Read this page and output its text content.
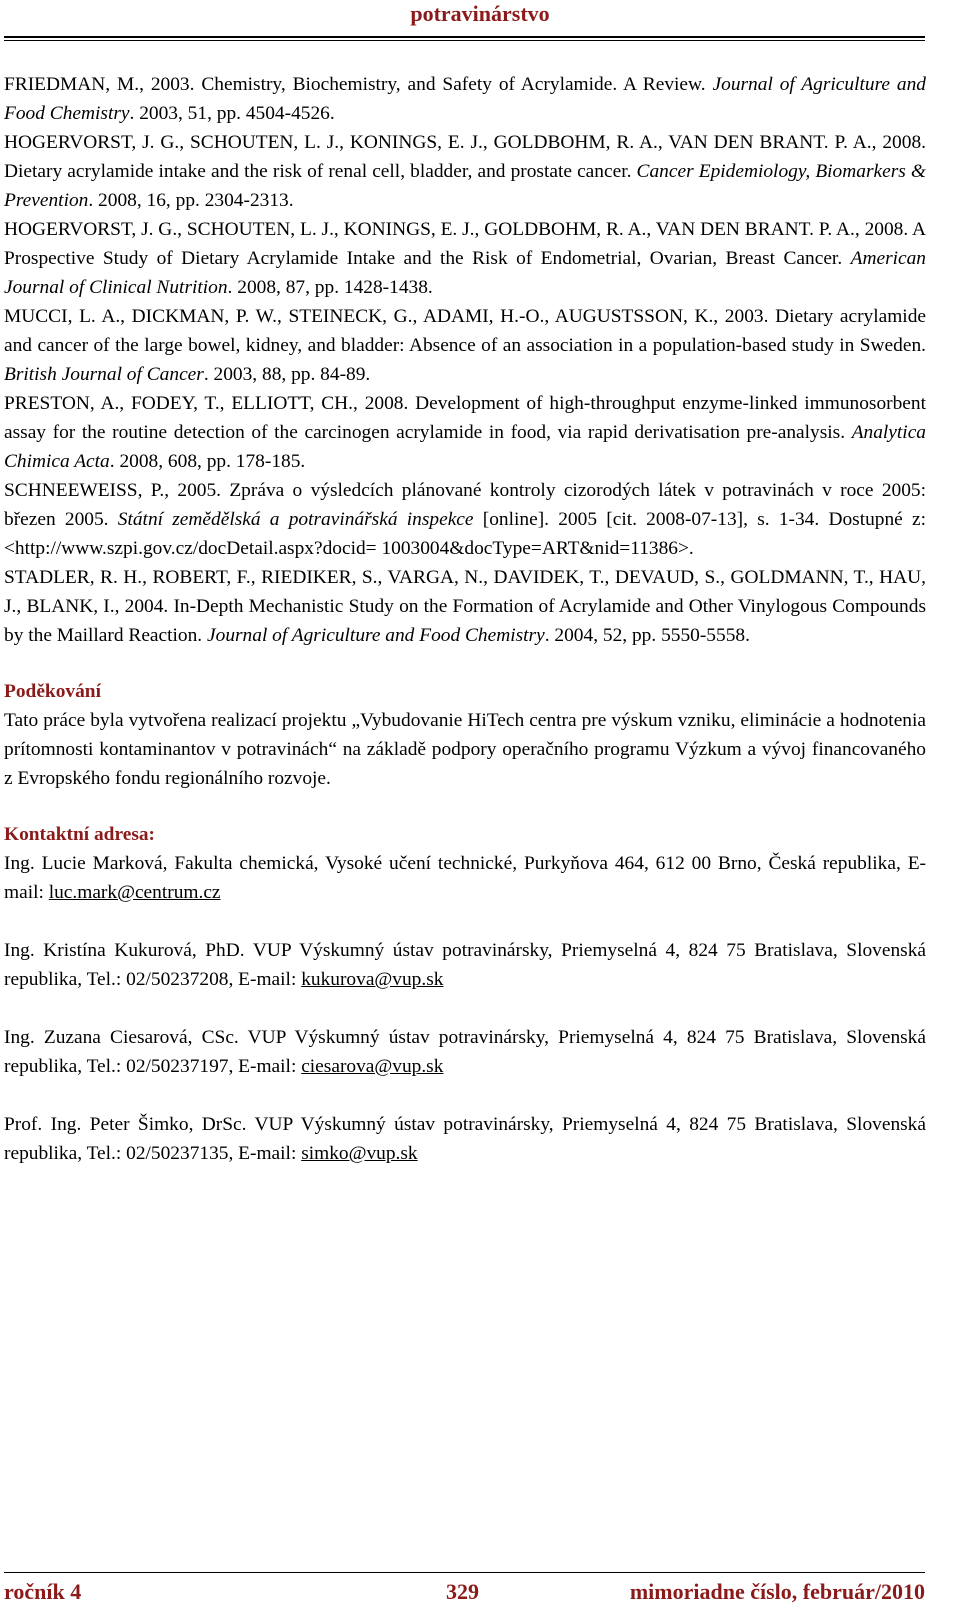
potravinárstvo

FRIEDMAN, M., 2003. Chemistry, Biochemistry, and Safety of Acrylamide. A Review. Journal of Agriculture and Food Chemistry. 2003, 51, pp. 4504-4526.

HOGERVORST, J. G., SCHOUTEN, L. J., KONINGS, E. J., GOLDBOHM, R. A., VAN DEN BRANT. P. A., 2008. Dietary acrylamide intake and the risk of renal cell, bladder, and prostate cancer. Cancer Epidemiology, Biomarkers & Prevention. 2008, 16, pp. 2304-2313.

HOGERVORST, J. G., SCHOUTEN, L. J., KONINGS, E. J., GOLDBOHM, R. A., VAN DEN BRANT. P. A., 2008. A Prospective Study of Dietary Acrylamide Intake and the Risk of Endometrial, Ovarian, Breast Cancer. American Journal of Clinical Nutrition. 2008, 87, pp. 1428-1438.

MUCCI, L. A., DICKMAN, P. W., STEINECK, G., ADAMI, H.-O., AUGUSTSSON, K., 2003. Dietary acrylamide and cancer of the large bowel, kidney, and bladder: Absence of an association in a population-based study in Sweden. British Journal of Cancer. 2003, 88, pp. 84-89.

PRESTON, A., FODEY, T., ELLIOTT, CH., 2008. Development of high-throughput enzyme-linked immunosorbent assay for the routine detection of the carcinogen acrylamide in food, via rapid derivatisation pre-analysis. Analytica Chimica Acta. 2008, 608, pp. 178-185.

SCHNEEWEISS, P., 2005. Zpráva o výsledcích plánované kontroly cizorodých látek v potravinách v roce 2005: březen 2005. Státní zemědělská a potravinářská inspekce [online]. 2005 [cit. 2008-07-13], s. 1-34. Dostupné z: <http://www.szpi.gov.cz/docDetail.aspx?docid= 1003004&docType=ART&nid=11386>.

STADLER, R. H., ROBERT, F., RIEDIKER, S., VARGA, N., DAVIDEK, T., DEVAUD, S., GOLDMANN, T., HAU, J., BLANK, I., 2004. In-Depth Mechanistic Study on the Formation of Acrylamide and Other Vinylogous Compounds by the Maillard Reaction. Journal of Agriculture and Food Chemistry. 2004, 52, pp. 5550-5558.

Poděkování

Tato práce byla vytvořena realizací projektu „Vybudovanie HiTech centra pre výskum vzniku, eliminácie a hodnotenia prítomnosti kontaminantov v potravinách“ na základě podpory operačního programu Výzkum a vývoj financovaného z Evropského fondu regionálního rozvoje.

Kontaktní adresa:

Ing. Lucie Marková, Fakulta chemická, Vysoké učení technické, Purkyňova 464, 612 00 Brno, Česká republika, E-mail: luc.mark@centrum.cz

Ing. Kristína Kukurová, PhD. VUP Výskumný ústav potravinársky, Priemyselná 4, 824 75 Bratislava, Slovenská republika, Tel.: 02/50237208, E-mail: kukurova@vup.sk

Ing. Zuzana Ciesarová, CSc. VUP Výskumný ústav potravinársky, Priemyselná 4, 824 75 Bratislava, Slovenská republika, Tel.: 02/50237197, E-mail: ciesarova@vup.sk

Prof. Ing. Peter Šimko, DrSc. VUP Výskumný ústav potravinársky, Priemyselná 4, 824 75 Bratislava, Slovenská republika, Tel.: 02/50237135, E-mail: simko@vup.sk

ročník 4	329	mimoriadne číslo, február/2010
